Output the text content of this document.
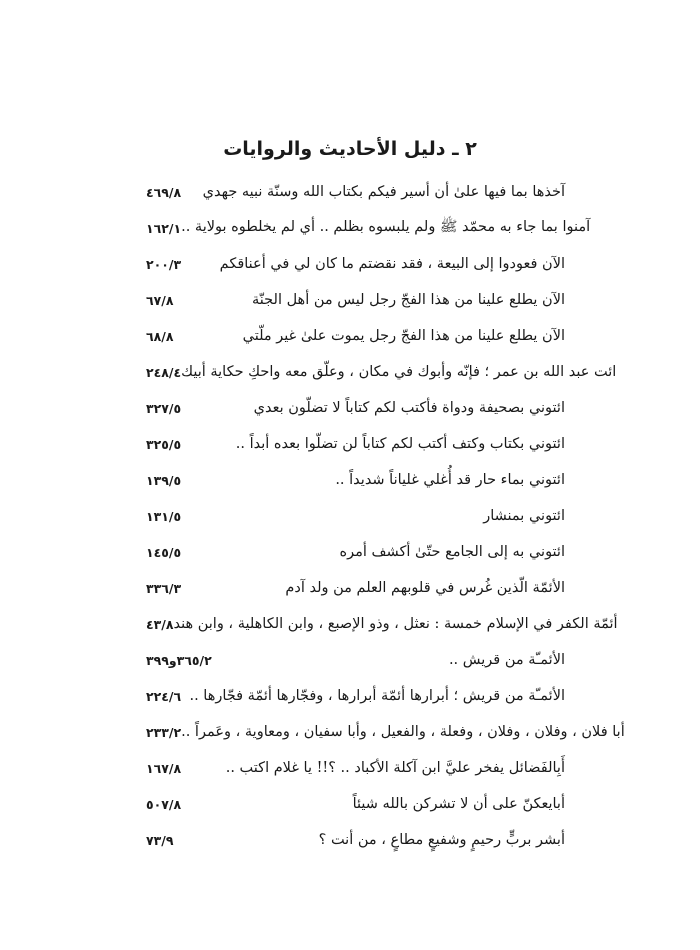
٢ ـ دليل الأحاديث والروايات
٤٦٩/٨	آخذها بما فيها علىٰ أن أسير فيكم بكتاب الله وسنّة نبيه جهدي
١٦٢/١ آمنوا بما جاء به محمّد ﷺ ولم يلبسوه بظلم .. أي لم يخلطوه بولاية ..
٢٠٠/٣	الآن فعودوا إلى البيعة ، فقد نقضتم ما كان لي في أعناقكم
٦٧/٨	الآن يطلع علينا من هذا الفجّ رجل ليس من أهل الجنّة
٦٨/٨	الآن يطلع علينا من هذا الفجّ رجل يموت علىٰ غير ملّتي
٢٤٨/٤ ائت عبد الله بن عمر ؛ فإنّه وأبوك في مكان ، وعلّق معه واحكِ حكاية أبيك
٣٢٧/٥	ائتوني بصحيفة ودواة فأكتب لكم كتاباً لا تضلّون بعدي
٣٢٥/٥	ائتوني بكتاب وكتف أكتب لكم كتاباً لن تضلّوا بعده أبداً ..
١٣٩/٥	ائتوني بماء حار قد أُغلي غلياناً شديداً ..
١٣١/٥	ائتوني بمنشار
١٤٥/٥	ائتوني به إلى الجامع حتّىٰ أكشف أمره
٣٣٦/٣	الأئمّة الّذين غُرس في قلوبهم العلم من ولد آدم
٤٣/٨ أئمّة الكفر في الإسلام خمسة : نعثل ، وذو الإصبع ، وابن الكاهلية ، وابن هند
٣٩٩و٣٦٥/٢	الأئمـّة من قريش ..
٢٢٤/٦ الأئمـّة من قريش ؛ أبرارها أئمّة أبرارها ، وفجّارها أئمّة فجّارها ..
٢٣٣/٢ أبا فلان ، وفلان ، وفلان ، وفعلة ، والفعيل ، وأبا سفيان ، ومعاوية ، وعَمراً ..
١٦٧/٨	أَبِالفَضائل يفخر عليَّ ابن آكلة الأكباد .. ؟!! يا غلام اكتب ..
٥٠٧/٨	أبايعكنّ على أن لا تشركن بالله شيئاً
٧٣/٩	أبشر بربٍّ رحيمٍ وشفيعٍ مطاعٍ ، من أنت ؟
